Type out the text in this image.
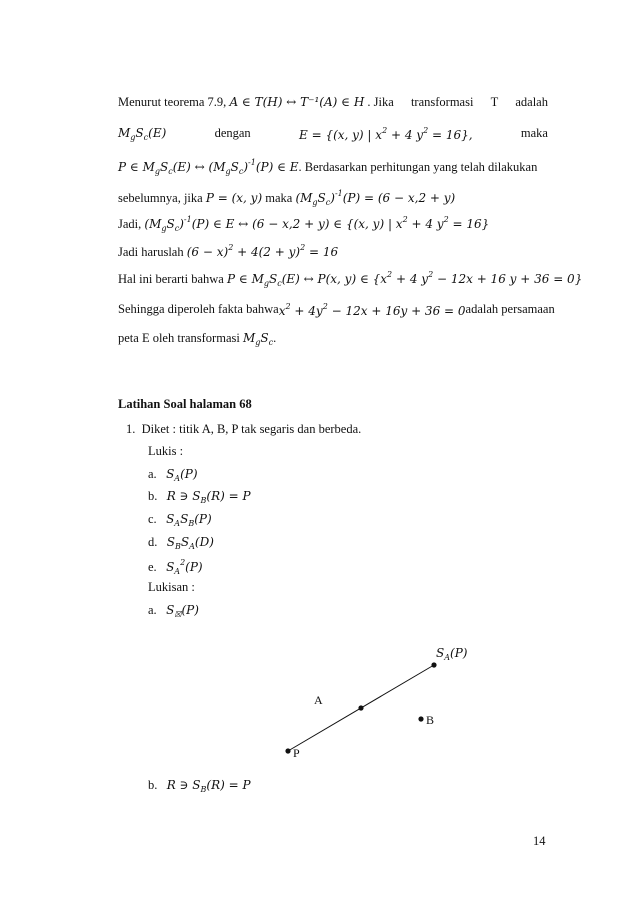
Menurut teorema 7.9, A ∈ T(H) ↔ T⁻¹(A) ∈ H . Jika transformasi T adalah
$M_gS_c(E)$	dengan	E = {(x, y) | $x^2 + 4$ $y^2 = 16$},	maka
P ∈ $M_gS_c(E)$ ↔ $(M_gS_c)^{-1}(P)$ ∈ E. Berdasarkan perhitungan yang telah dilakukan
sebelumnya, jika P = (x, y) maka $(M_gS_c)^{-1}(P) = (6 - x,2 + y)$
Jadi, $(M_gS_c)^{-1}(P)$ ∈ E ↔ (6 − x,2 + y) ∈ {(x, y) | $x^2 + 4$ $y^2 = 16$}
Jadi haruslah $(6 - x)^2 + 4(2 + y)^2 = 16$
Hal ini berarti bahwa P ∈ $M_gS_c(E)$ ↔ P(x, y) ∈ {$x^2 + 4$ $y^2 - 12x + 16$ y + 36 = 0}
Sehingga diperoleh fakta bahwa $x^2 + 4y^2 - 12x + 16y + 36 = 0$ adalah persamaan
peta E oleh transformasi $M_gS_c$.
Latihan Soal halaman 68
1. Diket : titik A, B, P tak segaris dan berbeda.
Lukis :
a. $S_A(P)$
b. R ∋ $S_B(R) = P$
c. $S_AS_B(P)$
d. $S_BS_A(D)$
e. $S_A^2(P)$
Lukisan :
a. $S_☒(P)$
$S_A(P)$
A
B
P
b. R ∋ $S_B(R) = P$
14
